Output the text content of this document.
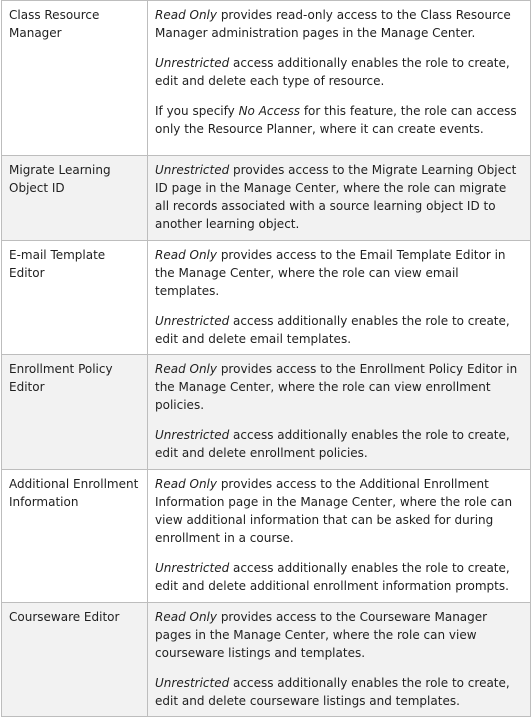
Class Resource Manager	Read Only provides read-only access to the Class Resource Manager administration pages in the Manage Center.

Unrestricted access additionally enables the role to create, edit and delete each type of resource.

If you specify No Access for this feature, the role can access only the Resource Planner, where it can create events.

Migrate Learning Object ID	Unrestricted provides access to the Migrate Learning Object ID page in the Manage Center, where the role can migrate all records associated with a source learning object ID to another learning object.

E-mail Template Editor	Read Only provides access to the Email Template Editor in the Manage Center, where the role can view email templates.

Unrestricted access additionally enables the role to create, edit and delete email templates.

Enrollment Policy Editor	Read Only provides access to the Enrollment Policy Editor in the Manage Center, where the role can view enrollment policies.

Unrestricted access additionally enables the role to create, edit and delete enrollment policies.

Additional Enrollment Information	Read Only provides access to the Additional Enrollment Information page in the Manage Center, where the role can view additional information that can be asked for during enrollment in a course.

Unrestricted access additionally enables the role to create, edit and delete additional enrollment information prompts.

Courseware Editor	Read Only provides access to the Courseware Manager pages in the Manage Center, where the role can view courseware listings and templates.

Unrestricted access additionally enables the role to create, edit and delete courseware listings and templates.
